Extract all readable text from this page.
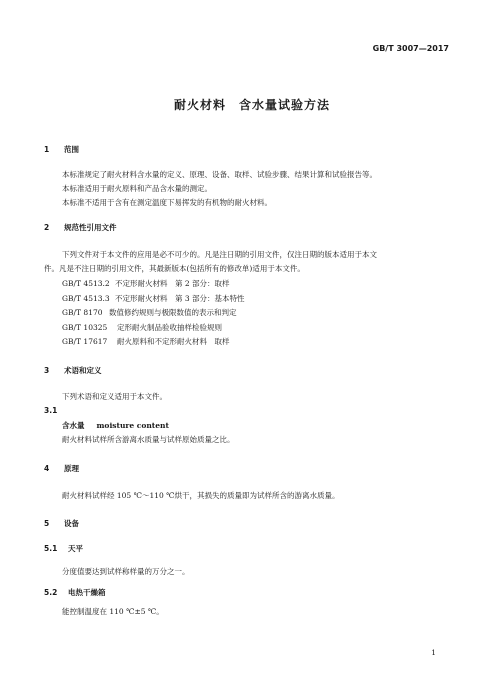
GB/T 3007—2017
耐火材料　含水量试验方法
1 范围
本标准规定了耐火材料含水量的定义、原理、设备、取样、试验步骤、结果计算和试验报告等。
本标准适用于耐火原料和产品含水量的测定。
本标准不适用于含有在测定温度下易挥发的有机物的耐火材料。
2 规范性引用文件
下列文件对于本文件的应用是必不可少的。凡是注日期的引用文件，仅注日期的版本适用于本文
件。凡是不注日期的引用文件，其最新版本(包括所有的修改单)适用于本文件。
GB/T 4513.2 不定形耐火材料　第 2 部分：取样
GB/T 4513.3 不定形耐火材料　第 3 部分：基本特性
GB/T 8170 数值修约规则与极限数值的表示和判定
GB/T 10325 定形耐火制品验收抽样检验规则
GB/T 17617 耐火原料和不定形耐火材料　取样
3 术语和定义
下列术语和定义适用于本文件。
3.1
含水量 moisture content
耐火材料试样所含游离水质量与试样原始质量之比。
4 原理
耐火材料试样经 105 ℃～110 ℃烘干，其损失的质量即为试样所含的游离水质量。
5 设备
5.1 天平
分度值要达到试样称样量的万分之一。
5.2 电热干燥箱
能控制温度在 110 ℃±5 ℃。
1
